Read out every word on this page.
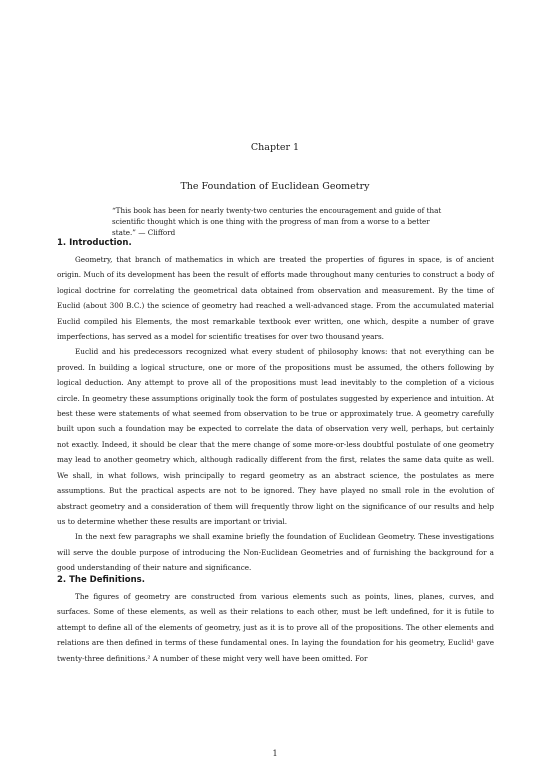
Chapter 1
The Foundation of Euclidean Geometry
“This book has been for nearly twenty-two centuries the encouragement and guide of that scientific thought which is one thing with the progress of man from a worse to a better state.” — Clifford
1. Introduction.

Geometry, that branch of mathematics in which are treated the properties of figures in space, is of ancient origin. Much of its development has been the result of efforts made throughout many centuries to construct a body of logical doctrine for correlating the geometrical data obtained from observation and measurement. By the time of Euclid (about 300 B.C.) the science of geometry had reached a well-advanced stage. From the accumulated material Euclid compiled his Elements, the most remarkable textbook ever written, one which, despite a number of grave imperfections, has served as a model for scientific treatises for over two thousand years.

Euclid and his predecessors recognized what every student of philosophy knows: that not everything can be proved. In building a logical structure, one or more of the propositions must be assumed, the others following by logical deduction. Any attempt to prove all of the propositions must lead inevitably to the completion of a vicious circle. In geometry these assumptions originally took the form of postulates suggested by experience and intuition. At best these were statements of what seemed from observation to be true or approximately true. A geometry carefully built upon such a foundation may be expected to correlate the data of observation very well, perhaps, but certainly not exactly. Indeed, it should be clear that the mere change of some more-or-less doubtful postulate of one geometry may lead to another geometry which, although radically different from the first, relates the same data quite as well. We shall, in what follows, wish principally to regard geometry as an abstract science, the postulates as mere assumptions. But the practical aspects are not to be ignored. They have played no small role in the evolution of abstract geometry and a consideration of them will frequently throw light on the significance of our results and help us to determine whether these results are important or trivial.

In the next few paragraphs we shall examine briefly the foundation of Euclidean Geometry. These investigations will serve the double purpose of introducing the Non-Euclidean Geometries and of furnishing the background for a good understanding of their nature and significance.

2. The Definitions.

The figures of geometry are constructed from various elements such as points, lines, planes, curves, and surfaces. Some of these elements, as well as their relations to each other, must be left undefined, for it is futile to attempt to define all of the elements of geometry, just as it is to prove all of the propositions. The other elements and relations are then defined in terms of these fundamental ones. In laying the foundation for his geometry, Euclid¹ gave twenty-three definitions.² A number of these might very well have been omitted. For

1
